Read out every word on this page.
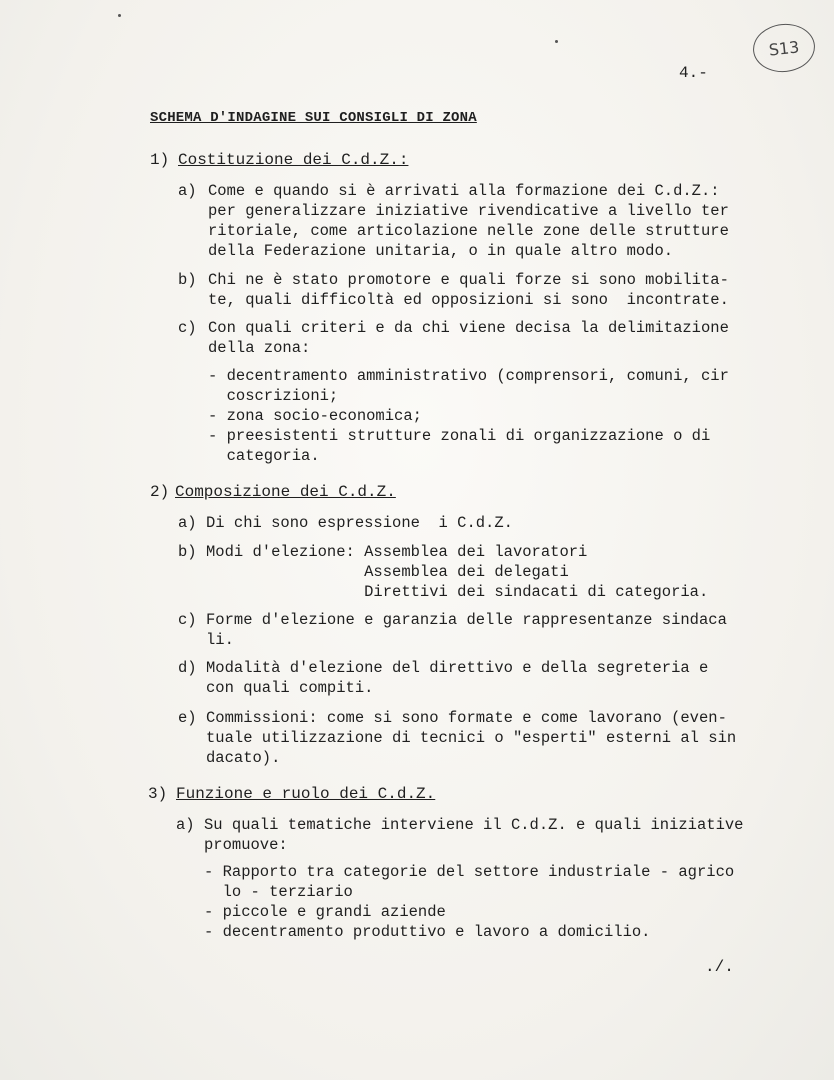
S13
4.-
SCHEMA D'INDAGINE SUI CONSIGLI DI ZONA
1) Costituzione dei C.d.Z.:
a) Come e quando si è arrivati alla formazione dei C.d.Z.:
per generalizzare iniziative rivendicative a livello ter
ritoriale, come articolazione nelle zone delle strutture
della Federazione unitaria, o in quale altro modo.
b) Chi ne è stato promotore e quali forze si sono mobilita-
te, quali difficoltà ed opposizioni si sono  incontrate.
c) Con quali criteri e da chi viene decisa la delimitazione
della zona:
- decentramento amministrativo (comprensori, comuni, cir
coscrizioni;
- zona socio-economica;
- preesistenti strutture zonali di organizzazione o di
categoria.
2) Composizione dei C.d.Z.
a) Di chi sono espressione  i C.d.Z.
b) Modi d'elezione: Assemblea dei lavoratori
Assemblea dei delegati
Direttivi dei sindacati di categoria.
c) Forme d'elezione e garanzia delle rappresentanze sindaca
li.
d) Modalità d'elezione del direttivo e della segreteria e
con quali compiti.
e) Commissioni: come si sono formate e come lavorano (even-
tuale utilizzazione di tecnici o "esperti" esterni al sin
dacato).
3) Funzione e ruolo dei C.d.Z.
a) Su quali tematiche interviene il C.d.Z. e quali iniziative
promuove:
- Rapporto tra categorie del settore industriale - agrico
lo - terziario
- piccole e grandi aziende
- decentramento produttivo e lavoro a domicilio.
./.
